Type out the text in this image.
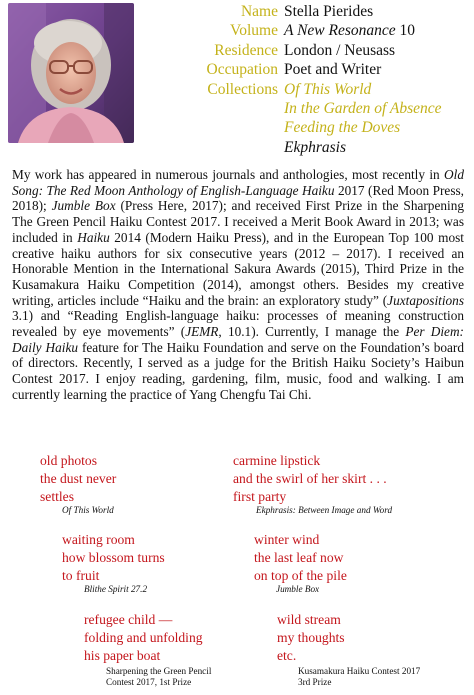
Name Stella Pierides
Volume A New Resonance 10
Residence London / Neusass
Occupation Poet and Writer
Collections Of This World
In the Garden of Absence
Feeding the Doves
Ekphrasis
My work has appeared in numerous journals and anthologies, most recently in Old Song: The Red Moon Anthology of English-Language Haiku 2017 (Red Moon Press, 2018); Jumble Box (Press Here, 2017); and received First Prize in the Sharpening The Green Pencil Haiku Contest 2017. I received a Merit Book Award in 2013; was included in Haiku 2014 (Modern Haiku Press), and in the European Top 100 most creative haiku authors for six consecutive years (2012 – 2017). I received an Honorable Mention in the International Sakura Awards (2015), Third Prize in the Kusamakura Haiku Competition (2014), amongst others. Besides my creative writing, articles include “Haiku and the brain: an exploratory study” (Juxtapositions 3.1) and “Reading English-language haiku: processes of meaning construction revealed by eye movements” (JEMR, 10.1). Currently, I manage the Per Diem: Daily Haiku feature for The Haiku Foundation and serve on the Foundation’s board of directors. Recently, I served as a judge for the British Haiku Society’s Haibun Contest 2017. I enjoy reading, gardening, film, music, food and walking. I am currently learning the practice of Yang Chengfu Tai Chi.
old photos
the dust never
settles
Of This World
carmine lipstick
and the swirl of her skirt . . .
first party
Ekphrasis: Between Image and Word
waiting room
how blossom turns
to fruit
Blithe Spirit 27.2
winter wind
the last leaf now
on top of the pile
Jumble Box
refugee child —
folding and unfolding
his paper boat
Sharpening the Green Pencil
Contest 2017, 1st Prize
wild stream
my thoughts
etc.
Kusamakura Haiku Contest 2017
3rd Prize
